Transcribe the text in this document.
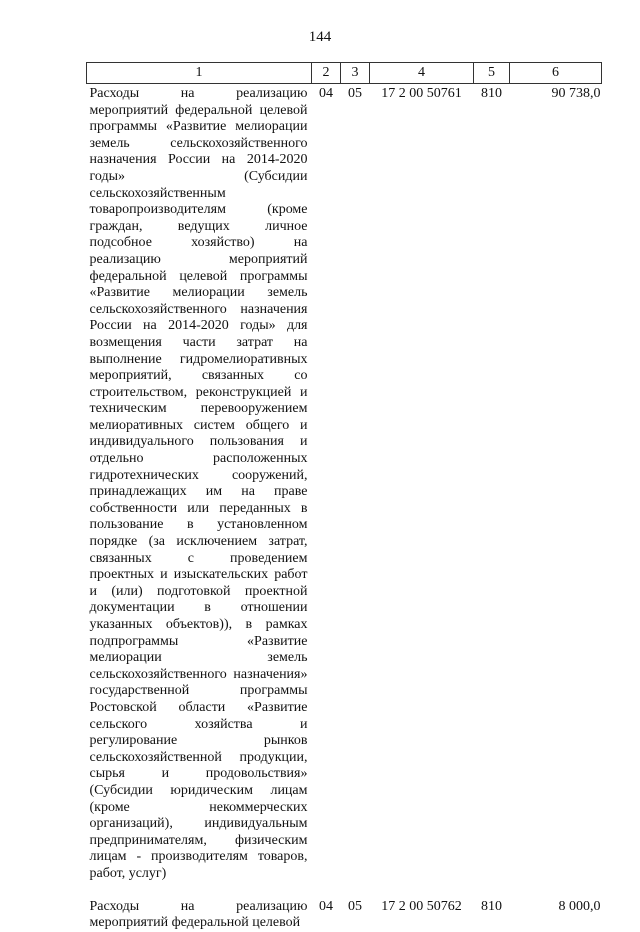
144
1	2	3	4	5	6
Расходы на реализацию мероприятий федеральной целевой программы «Развитие мелиорации земель сельскохозяйственного назначения России на 2014-2020 годы» (Субсидии сельскохозяйственным товаропроизводителям (кроме граждан, ведущих личное подсобное хозяйство) на реализацию мероприятий федеральной целевой программы «Развитие мелиорации земель сельскохозяйственного назначения России на 2014-2020 годы» для возмещения части затрат на выполнение гидромелиоративных мероприятий, связанных со строительством, реконструкцией и техническим перевооружением мелиоративных систем общего и индивидуального пользования и отдельно расположенных гидротехнических сооружений, принадлежащих им на праве собственности или переданных в пользование в установленном порядке (за исключением затрат, связанных с проведением проектных и изыскательских работ и (или) подготовкой проектной документации в отношении указанных объектов)), в рамках подпрограммы «Развитие мелиорации земель сельскохозяйственного назначения» государственной программы Ростовской области «Развитие сельского хозяйства и регулирование рынков сельскохозяйственной продукции, сырья и продовольствия» (Субсидии юридическим лицам (кроме некоммерческих организаций), индивидуальным предпринимателям, физическим лицам - производителям товаров, работ, услуг)	04	05	17 2 00 50761	810	90 738,0
Расходы на реализацию мероприятий федеральной целевой	04	05	17 2 00 50762	810	8 000,0
